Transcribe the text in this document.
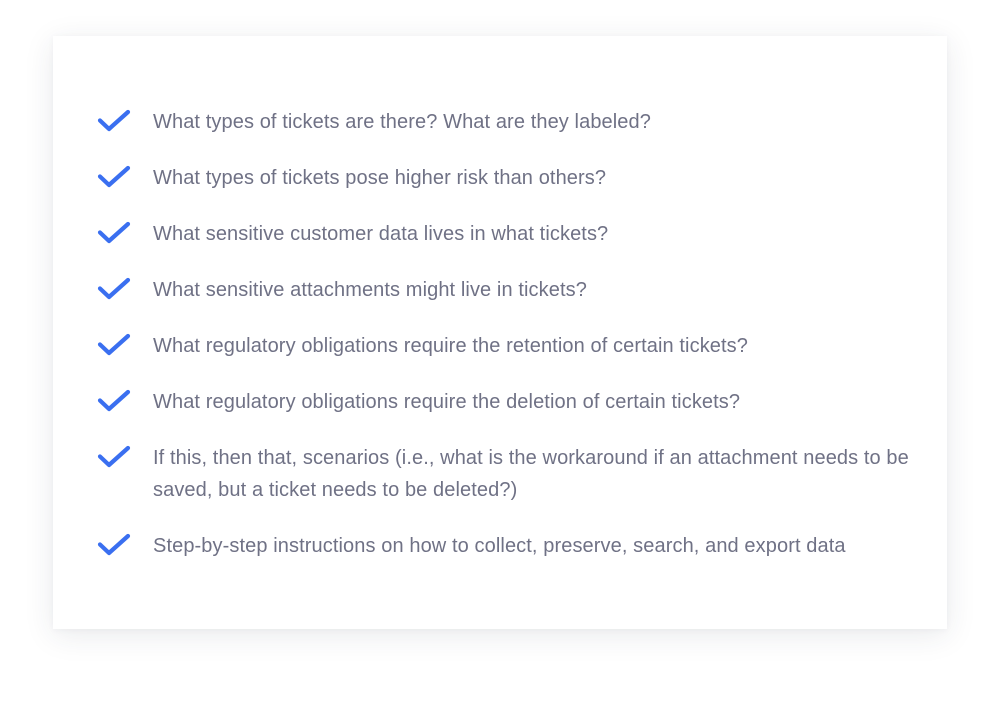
What types of tickets are there? What are they labeled?
What types of tickets pose higher risk than others?
What sensitive customer data lives in what tickets?
What sensitive attachments might live in tickets?
What regulatory obligations require the retention of certain tickets?
What regulatory obligations require the deletion of certain tickets?
If this, then that, scenarios (i.e., what is the workaround if an attachment needs to be saved, but a ticket needs to be deleted?)
Step-by-step instructions on how to collect, preserve, search, and export data
